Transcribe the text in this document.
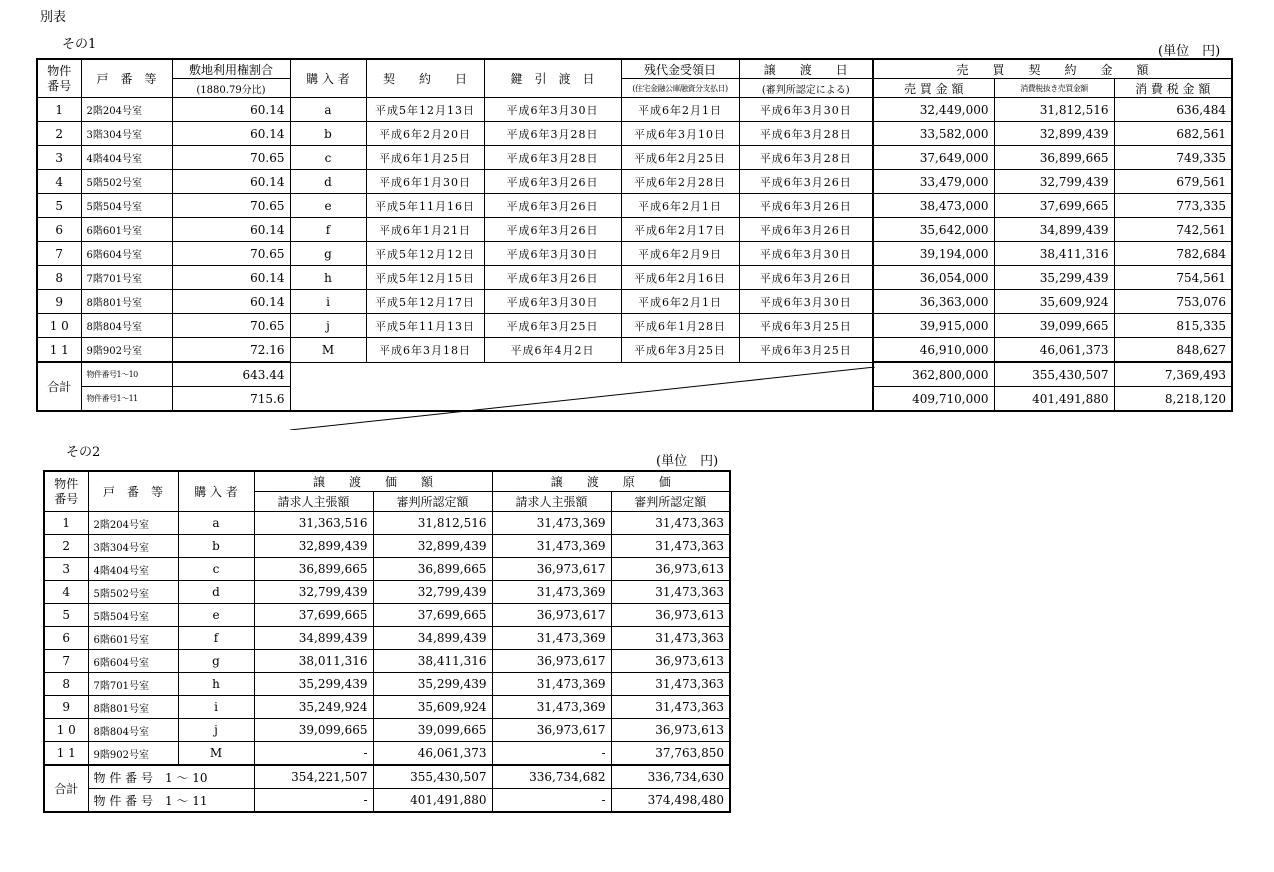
別表
その1	(単位　円)
物件番号	戸　番　等	敷地利用権割合	購 入 者	契　　約　　日	鍵　引　渡　日	残代金受領日	譲　　渡　　日	売　　買　　契　　約　　金　　額		
		(1880.79分比)				(住宅金融公庫融資分支払日)	(審判所認定による)	売 買 金 額	消費税抜き売買金額	消 費 税 金 額
1	2階204号室	60.14	a	平成5年12月13日	平成6年3月30日	平成6年2月1日	平成6年3月30日	32,449,000	31,812,516	636,484
2	3階304号室	60.14	b	平成6年2月20日	平成6年3月28日	平成6年3月10日	平成6年3月28日	33,582,000	32,899,439	682,561
3	4階404号室	70.65	c	平成6年1月25日	平成6年3月28日	平成6年2月25日	平成6年3月28日	37,649,000	36,899,665	749,335
4	5階502号室	60.14	d	平成6年1月30日	平成6年3月26日	平成6年2月28日	平成6年3月26日	33,479,000	32,799,439	679,561
5	5階504号室	70.65	e	平成5年11月16日	平成6年3月26日	平成6年2月1日	平成6年3月26日	38,473,000	37,699,665	773,335
6	6階601号室	60.14	f	平成6年1月21日	平成6年3月26日	平成6年2月17日	平成6年3月26日	35,642,000	34,899,439	742,561
7	6階604号室	70.65	g	平成5年12月12日	平成6年3月30日	平成6年2月9日	平成6年3月30日	39,194,000	38,411,316	782,684
8	7階701号室	60.14	h	平成5年12月15日	平成6年3月26日	平成6年2月16日	平成6年3月26日	36,054,000	35,299,439	754,561
9	8階801号室	60.14	i	平成5年12月17日	平成6年3月30日	平成6年2月1日	平成6年3月30日	36,363,000	35,609,924	753,076
1 0	8階804号室	70.65	j	平成5年11月13日	平成6年3月25日	平成6年1月28日	平成6年3月25日	39,915,000	39,099,665	815,335
1 1	9階902号室	72.16	M	平成6年3月18日	平成6年4月2日	平成6年3月25日	平成6年3月25日	46,910,000	46,061,373	848,627
合計	物件番号1～10	643.44						362,800,000	355,430,507	7,369,493
	物件番号1～11	715.6						409,710,000	401,491,880	8,218,120
その2
(単位　円)
物件番号	戸　番　等	購 入 者	譲　　渡　　価　　額		譲　　渡　　原　　価	
			請求人主張額	審判所認定額	請求人主張額	審判所認定額
1	2階204号室	a	31,363,516	31,812,516	31,473,369	31,473,363
2	3階304号室	b	32,899,439	32,899,439	31,473,369	31,473,363
3	4階404号室	c	36,899,665	36,899,665	36,973,617	36,973,613
4	5階502号室	d	32,799,439	32,799,439	31,473,369	31,473,363
5	5階504号室	e	37,699,665	37,699,665	36,973,617	36,973,613
6	6階601号室	f	34,899,439	34,899,439	31,473,369	31,473,363
7	6階604号室	g	38,011,316	38,411,316	36,973,617	36,973,613
8	7階701号室	h	35,299,439	35,299,439	31,473,369	31,473,363
9	8階801号室	i	35,249,924	35,609,924	31,473,369	31,473,363
1 0	8階804号室	j	39,099,665	39,099,665	36,973,617	36,973,613
1 1	9階902号室	M	-	46,061,373	-	37,763,850
合計	物 件 番 号　1 ～ 10		354,221,507	355,430,507	336,734,682	336,734,630
	物 件 番 号　1 ～ 11		-	401,491,880	-	374,498,480
